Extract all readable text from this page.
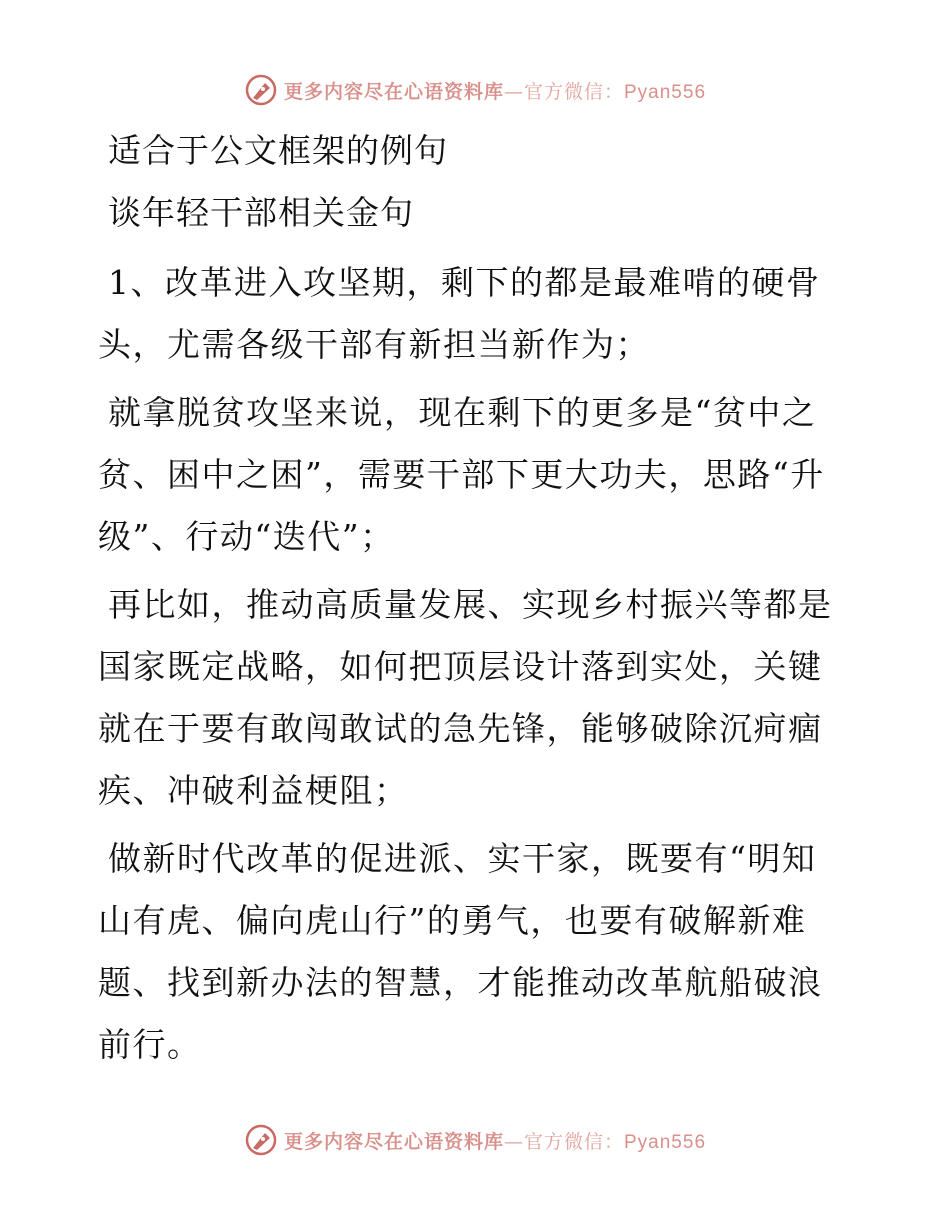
更多内容尽在心语资料库—官方微信：Pyan556
适合于公文框架的例句
谈年轻干部相关金句

1、改革进入攻坚期，剩下的都是最难啃的硬骨头，尤需各级干部有新担当新作为；

就拿脱贫攻坚来说，现在剩下的更多是“贫中之贫、困中之困”，需要干部下更大功夫，思路“升级”、行动“迭代”；

再比如，推动高质量发展、实现乡村振兴等都是国家既定战略，如何把顶层设计落到实处，关键就在于要有敢闯敢试的急先锋，能够破除沉疴痼疾、冲破利益梗阻；

做新时代改革的促进派、实干家，既要有“明知山有虎、偏向虎山行”的勇气，也要有破解新难题、找到新办法的智慧，才能推动改革航船破浪前行。

更多内容尽在心语资料库—官方微信：Pyan556
